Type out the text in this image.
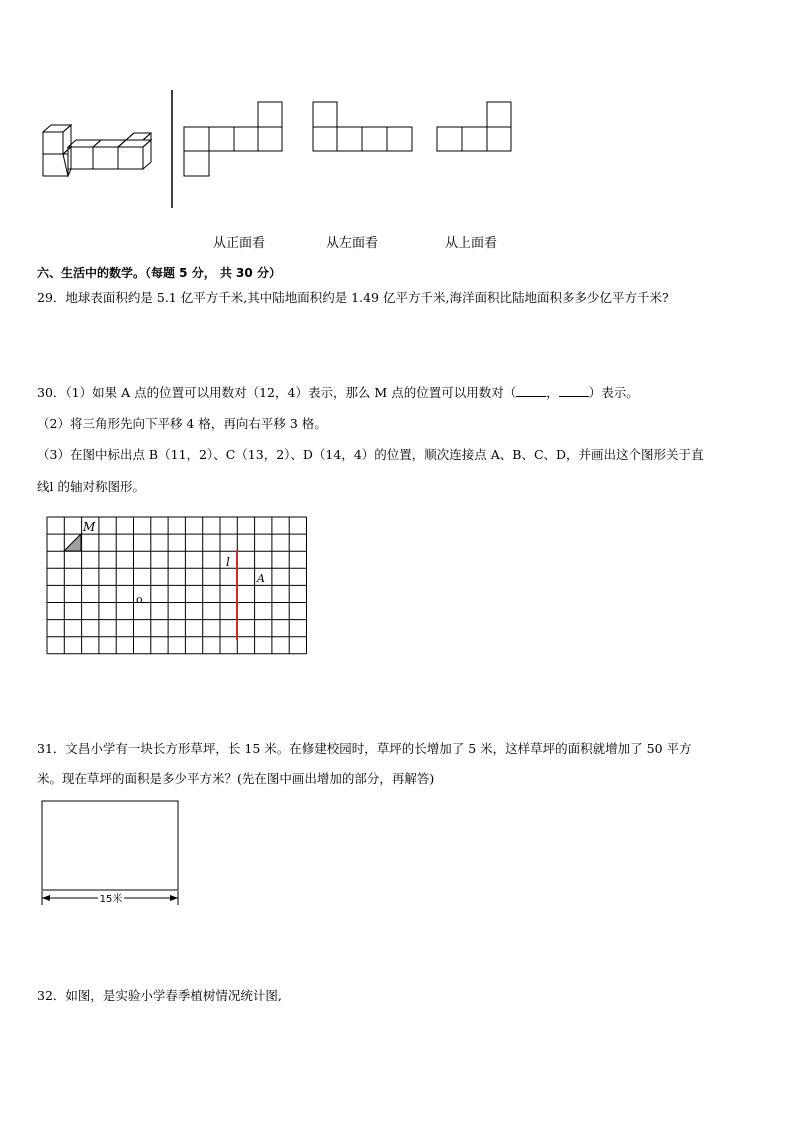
从正面看	从左面看	从上面看
六、生活中的数学。（每题 5 分， 共 30 分）
29．地球表面积约是 5.1 亿平方千米,其中陆地面积约是 1.49 亿平方千米,海洋面积比陆地面积多多少亿平方千米?
30．（1）如果 A 点的位置可以用数对（12，4）表示，那么 M 点的位置可以用数对（ ， ）表示。
（2）将三角形先向下平移 4 格，再向右平移 3 格。
（3）在图中标出点 B（11，2）、C（13，2）、D（14，4）的位置，顺次连接点 A、B、C、D，并画出这个图形关于直
线l 的轴对称图形。
M
l
A
o
31．文昌小学有一块长方形草坪，长 15 米。在修建校园时，草坪的长增加了 5 米，这样草坪的面积就增加了 50 平方
米。现在草坪的面积是多少平方米？(先在图中画出增加的部分，再解答)
15米
32．如图，是实验小学春季植树情况统计图,
